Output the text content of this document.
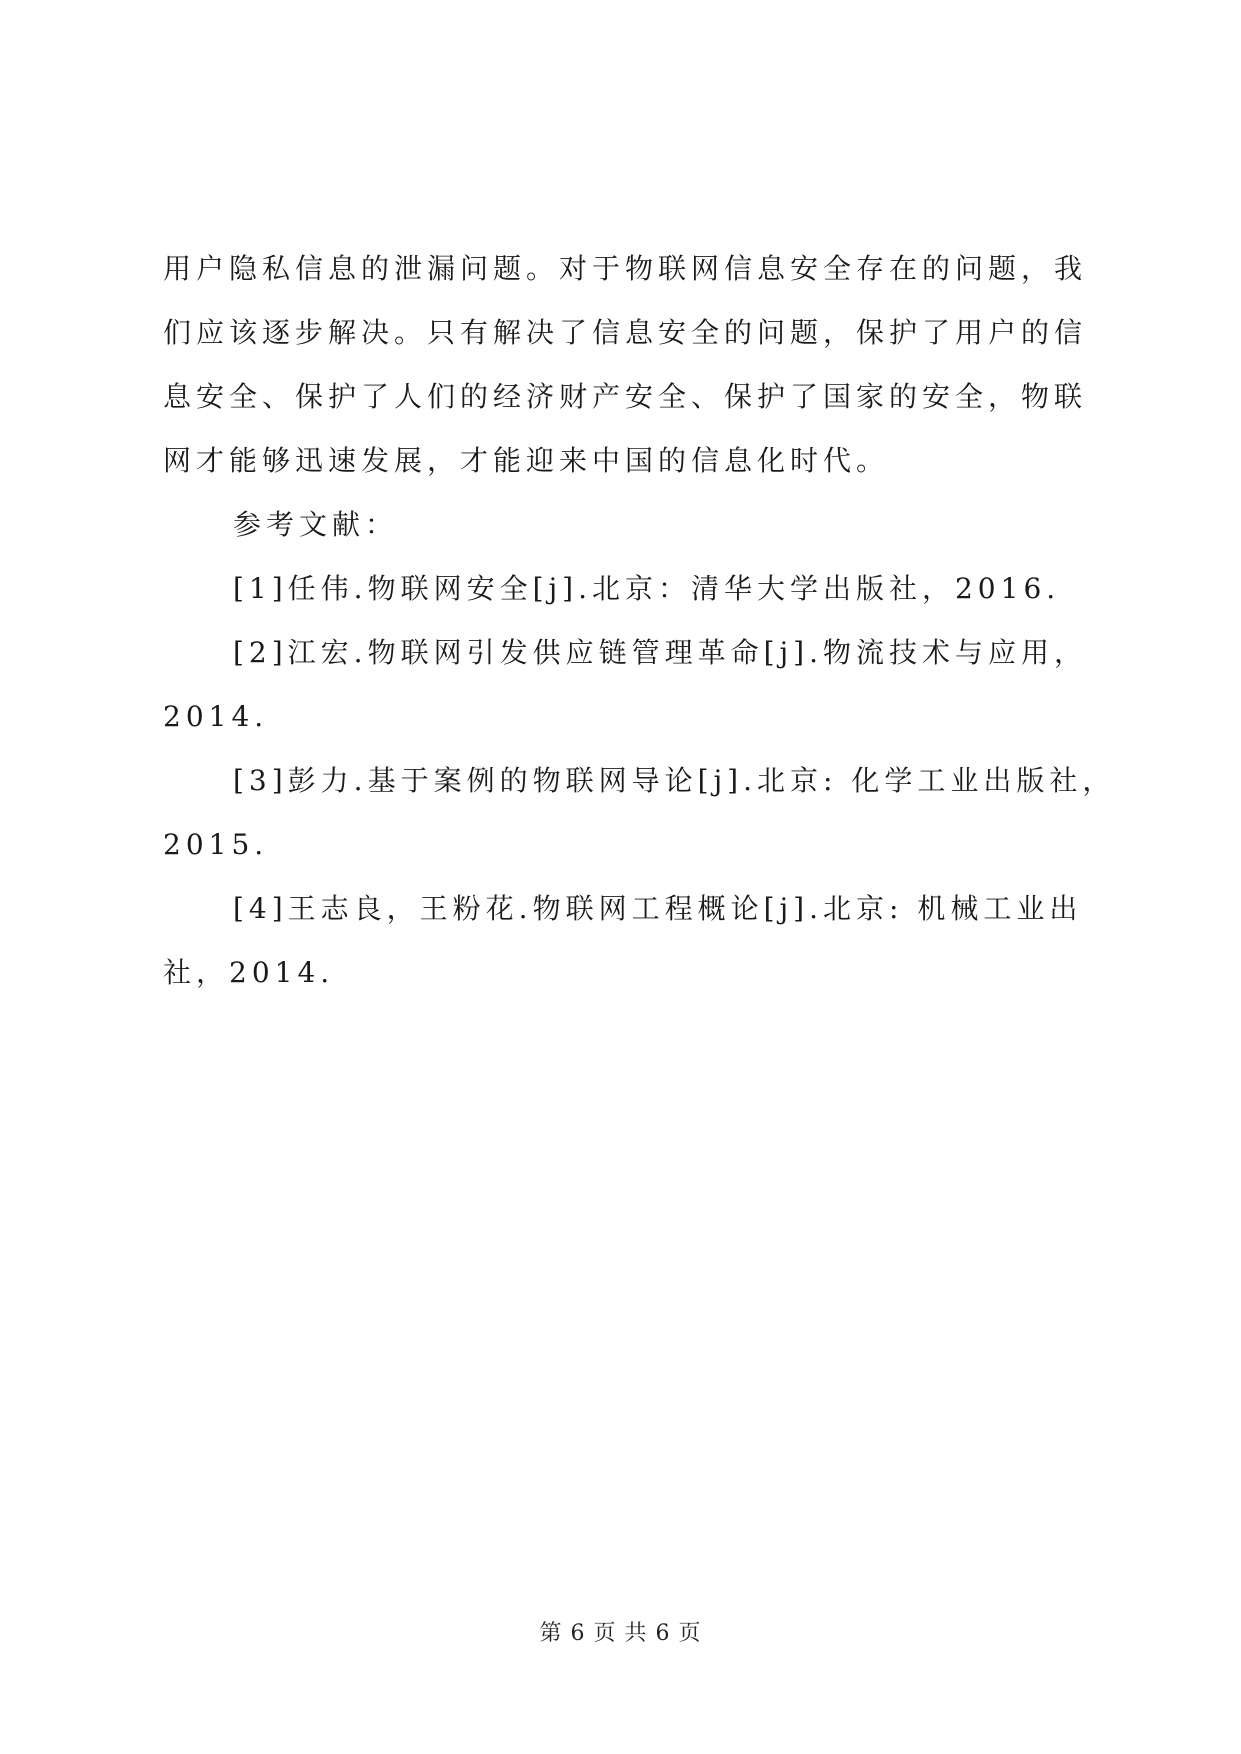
用户隐私信息的泄漏问题。对于物联网信息安全存在的问题，我
们应该逐步解决。只有解决了信息安全的问题，保护了用户的信
息安全、保护了人们的经济财产安全、保护了国家的安全，物联
网才能够迅速发展，才能迎来中国的信息化时代。

参考文献：

[1]任伟.物联网安全[j].北京：清华大学出版社，2016.

[2]江宏.物联网引发供应链管理革命[j].物流技术与应用，
2014.

[3]彭力.基于案例的物联网导论[j].北京: 化学工业出版社，
2015.

[4]王志良，王粉花.物联网工程概论[j].北京: 机械工业出
社，2014.

第 6 页 共 6 页
